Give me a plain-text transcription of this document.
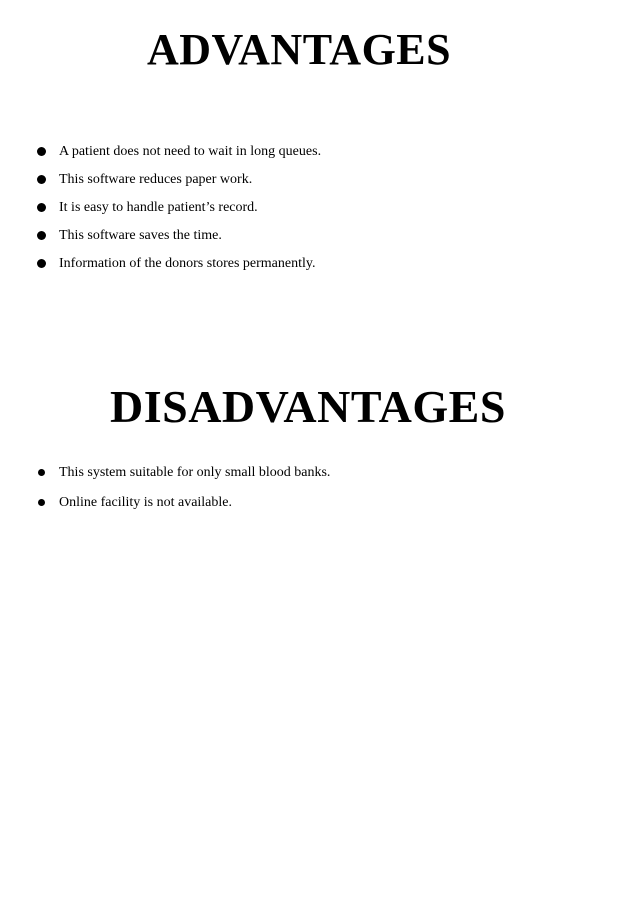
ADVANTAGES
A patient does not need to wait in long queues.
This software reduces paper work.
It is easy to handle patient’s record.
This software saves the time.
Information of the donors stores permanently.
DISADVANTAGES
This system suitable for only small blood banks.
Online facility is not available.
